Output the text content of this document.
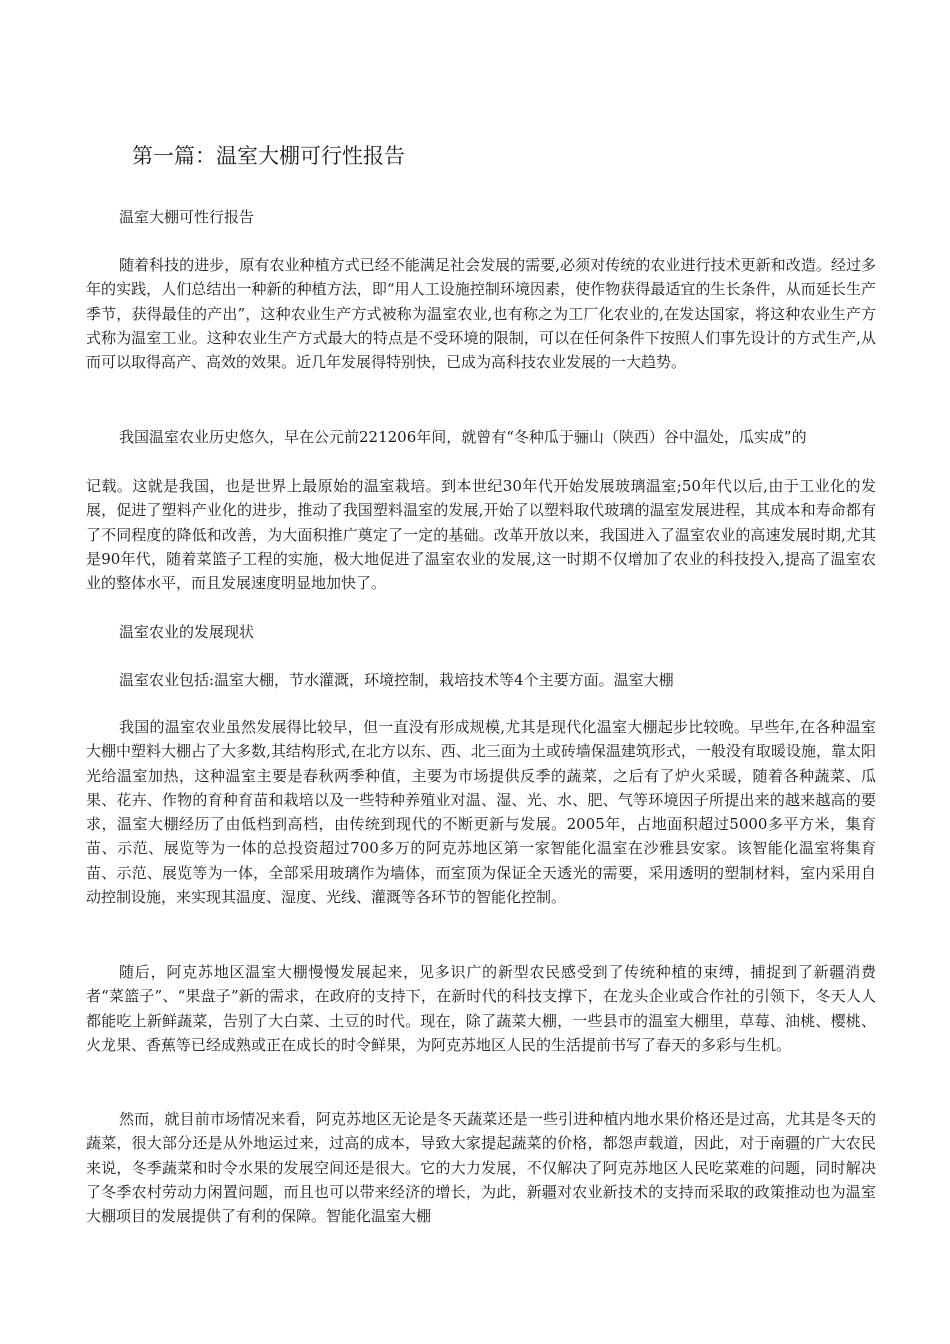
第一篇：温室大棚可行性报告
温室大棚可性行报告

随着科技的进步，原有农业种植方式已经不能满足社会发展的需要,必须对传统的农业进行技术更新和改造。经过多年的实践，人们总结出一种新的种植方法，即“用人工设施控制环境因素，使作物获得最适宜的生长条件，从而延长生产季节，获得最佳的产出”，这种农业生产方式被称为温室农业,也有称之为工厂化农业的,在发达国家，将这种农业生产方式称为温室工业。这种农业生产方式最大的特点是不受环境的限制，可以在任何条件下按照人们事先设计的方式生产,从而可以取得高产、高效的效果。近几年发展得特别快，已成为高科技农业发展的一大趋势。

我国温室农业历史悠久，早在公元前221206年间，就曾有“冬种瓜于骊山（陕西）谷中温处，瓜实成”的

记载。这就是我国，也是世界上最原始的温室栽培。到本世纪30年代开始发展玻璃温室;50年代以后,由于工业化的发展，促进了塑料产业化的进步，推动了我国塑料温室的发展,开始了以塑料取代玻璃的温室发展进程，其成本和寿命都有了不同程度的降低和改善，为大面积推广奠定了一定的基础。改革开放以来，我国进入了温室农业的高速发展时期,尤其是90年代，随着菜篮子工程的实施，极大地促进了温室农业的发展,这一时期不仅增加了农业的科技投入,提高了温室农业的整体水平，而且发展速度明显地加快了。

温室农业的发展现状
温室农业包括:温室大棚，节水灌溉，环境控制，栽培技术等4个主要方面。温室大棚

我国的温室农业虽然发展得比较早，但一直没有形成规模,尤其是现代化温室大棚起步比较晚。早些年,在各种温室大棚中塑料大棚占了大多数,其结构形式,在北方以东、西、北三面为土或砖墙保温建筑形式，一般没有取暖设施，靠太阳光给温室加热，这种温室主要是春秋两季种值，主要为市场提供反季的蔬菜，之后有了炉火采暖，随着各种蔬菜、瓜果、花卉、作物的育种育苗和栽培以及一些特种养殖业对温、湿、光、水、肥、气等环境因子所提出来的越来越高的要求，温室大棚经历了由低档到高档，由传统到现代的不断更新与发展。2005年，占地面积超过5000多平方米，集育苗、示范、展览等为一体的总投资超过700多万的阿克苏地区第一家智能化温室在沙雅县安家。该智能化温室将集育苗、示范、展览等为一体，全部采用玻璃作为墙体，而室顶为保证全天透光的需要，采用透明的塑制材料，室内采用自动控制设施，来实现其温度、湿度、光线、灌溉等各环节的智能化控制。

随后，阿克苏地区温室大棚慢慢发展起来，见多识广的新型农民感受到了传统种植的束缚，捕捉到了新疆消费者“菜篮子”、“果盘子”新的需求，在政府的支持下，在新时代的科技支撑下，在龙头企业或合作社的引领下，冬天人人都能吃上新鲜蔬菜，告别了大白菜、土豆的时代。现在，除了蔬菜大棚，一些县市的温室大棚里，草莓、油桃、樱桃、火龙果、香蕉等已经成熟或正在成长的时令鲜果，为阿克苏地区人民的生活提前书写了春天的多彩与生机。

然而，就目前市场情况来看，阿克苏地区无论是冬天蔬菜还是一些引进种植内地水果价格还是过高，尤其是冬天的蔬菜，很大部分还是从外地运过来，过高的成本，导致大家提起蔬菜的价格，都怨声载道，因此，对于南疆的广大农民来说，冬季蔬菜和时令水果的发展空间还是很大。它的大力发展，不仅解决了阿克苏地区人民吃菜难的问题，同时解决了冬季农村劳动力闲置问题，而且也可以带来经济的增长，为此，新疆对农业新技术的支持而采取的政策推动也为温室大棚项目的发展提供了有利的保障。智能化温室大棚
